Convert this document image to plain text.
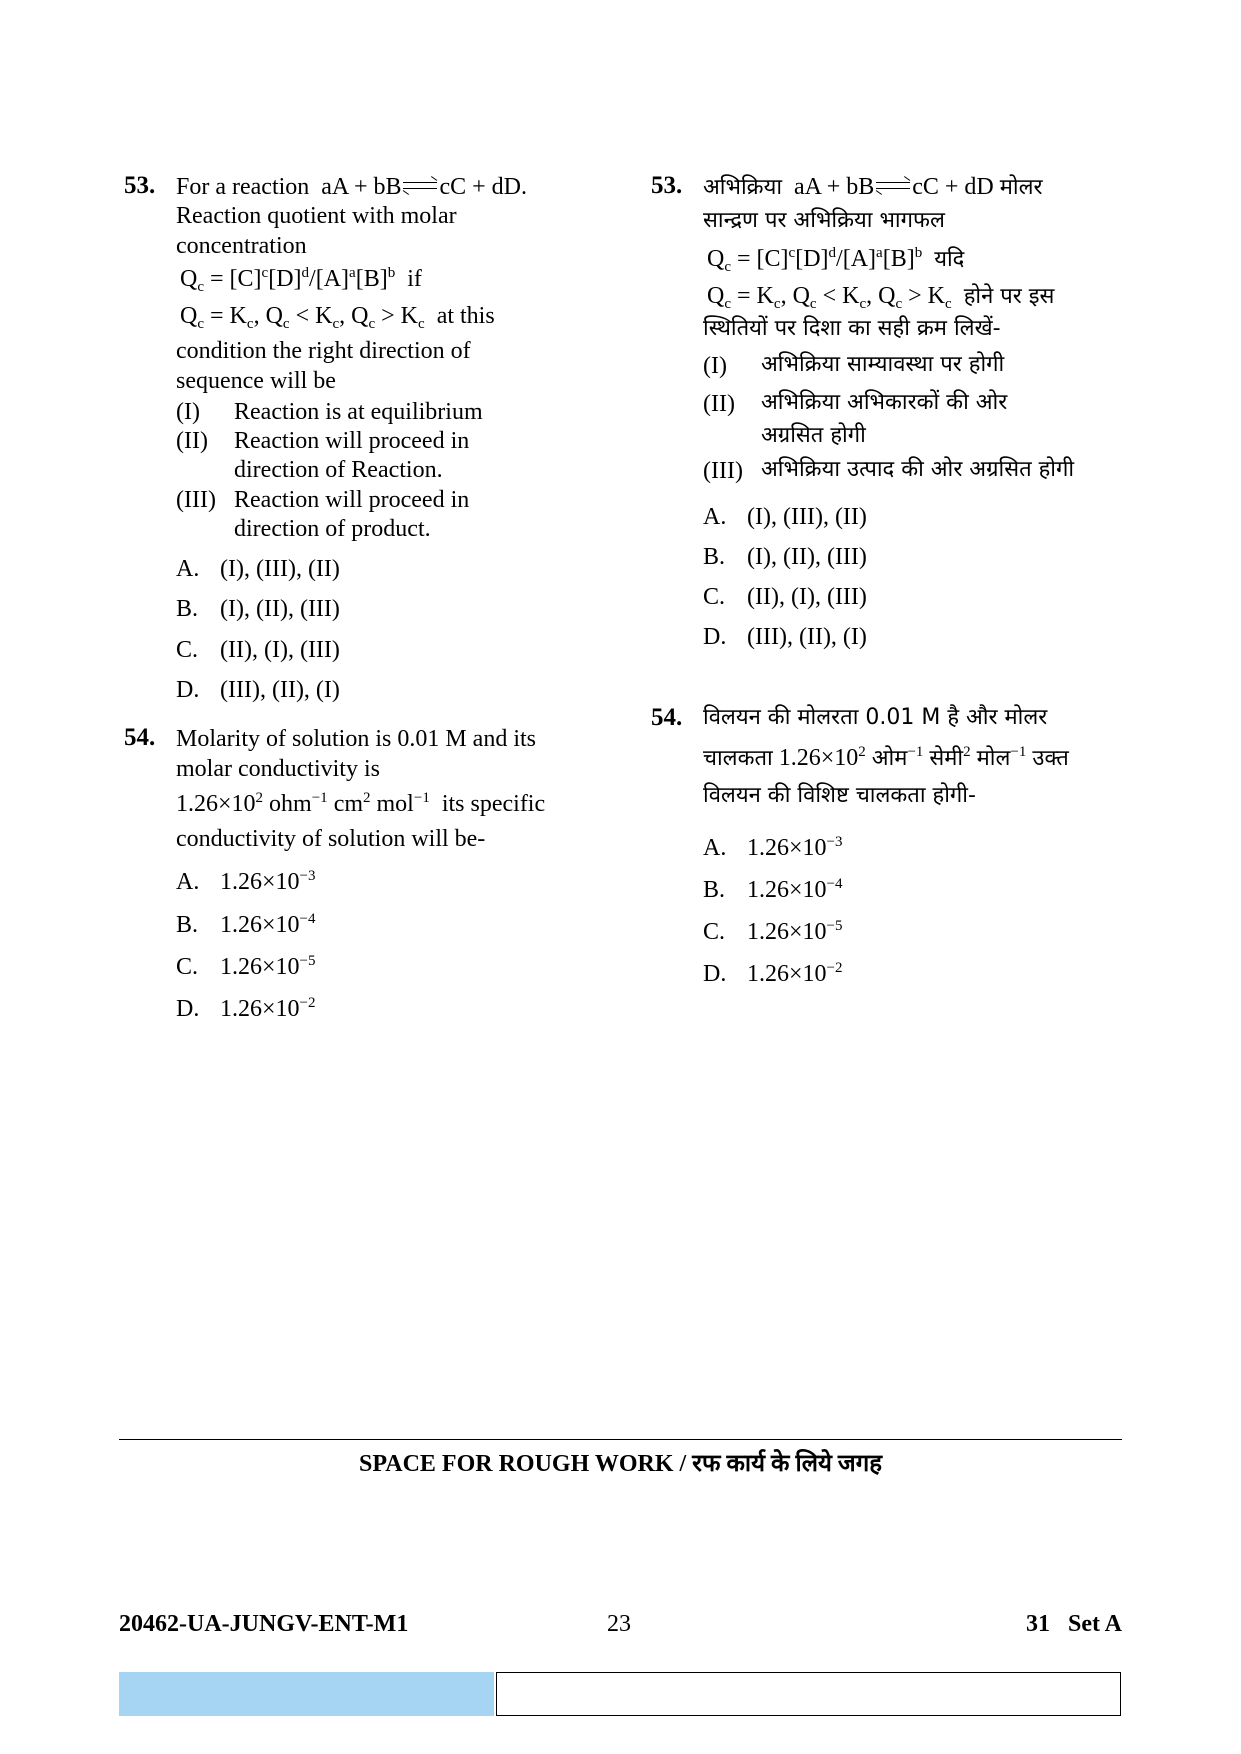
53. For a reaction  aA + bB ⇌ cC + dD.
Reaction quotient with molar
concentration
$Q_c = [C]^c[D]^d/[A]^a[B]^b$ if
$Q_c = K_c$, $Q_c < K_c$, $Q_c > K_c$ at this
condition the right direction of
sequence will be
(I)	Reaction is at equilibrium
(II)	Reaction will proceed in
direction of Reaction.
(III) Reaction will proceed in
direction of product.
A. (I), (III), (II)
B. (I), (II), (III)
C. (II), (I), (III)
D. (III), (II), (I)
54. Molarity of solution is 0.01 M and its
molar conductivity is
$1.26\times 10^2$ ohm$^{-1}$ $cm^2$ mol$^{-1}$ its specific
conductivity of solution will be-
A. $1.26\times 10^{-3}$
B. $1.26\times 10^{-4}$
C. $1.26\times 10^{-5}$
D. $1.26\times 10^{-2}$
53. अभिक्रिया  aA + bB ⇌ cC + dD मोलर
सान्द्रण पर अभिक्रिया भागफल
$Q_c = [C]^c[D]^d/[A]^a[B]^b$ यदि
$Q_c = K_c$, $Q_c < K_c$, $Q_c > K_c$ होने पर इस
स्थितियों पर दिशा का सही क्रम लिखें-
(I)	अभिक्रिया साम्यावस्था पर होगी
(II)	अभिक्रिया अभिकारकों की ओर
अग्रसित होगी
(III) अभिक्रिया उत्पाद की ओर अग्रसित होगी
A. (I), (III), (II)
B. (I), (II), (III)
C. (II), (I), (III)
D. (III), (II), (I)
54. विलयन की मोलरता 0.01 M है और मोलर
चालकता $1.26\times 10^2$ ओम$^{-1}$ सेमी$^2$ मोल$^{-1}$ उक्त
विलयन की विशिष्ट चालकता होगी-
A. $1.26\times 10^{-3}$
B. $1.26\times 10^{-4}$
C. $1.26\times 10^{-5}$
D. $1.26\times 10^{-2}$
SPACE FOR ROUGH WORK / रफ कार्य के लिये जगह
20462-UA-JUNGV-ENT-M1	23	31   Set A
